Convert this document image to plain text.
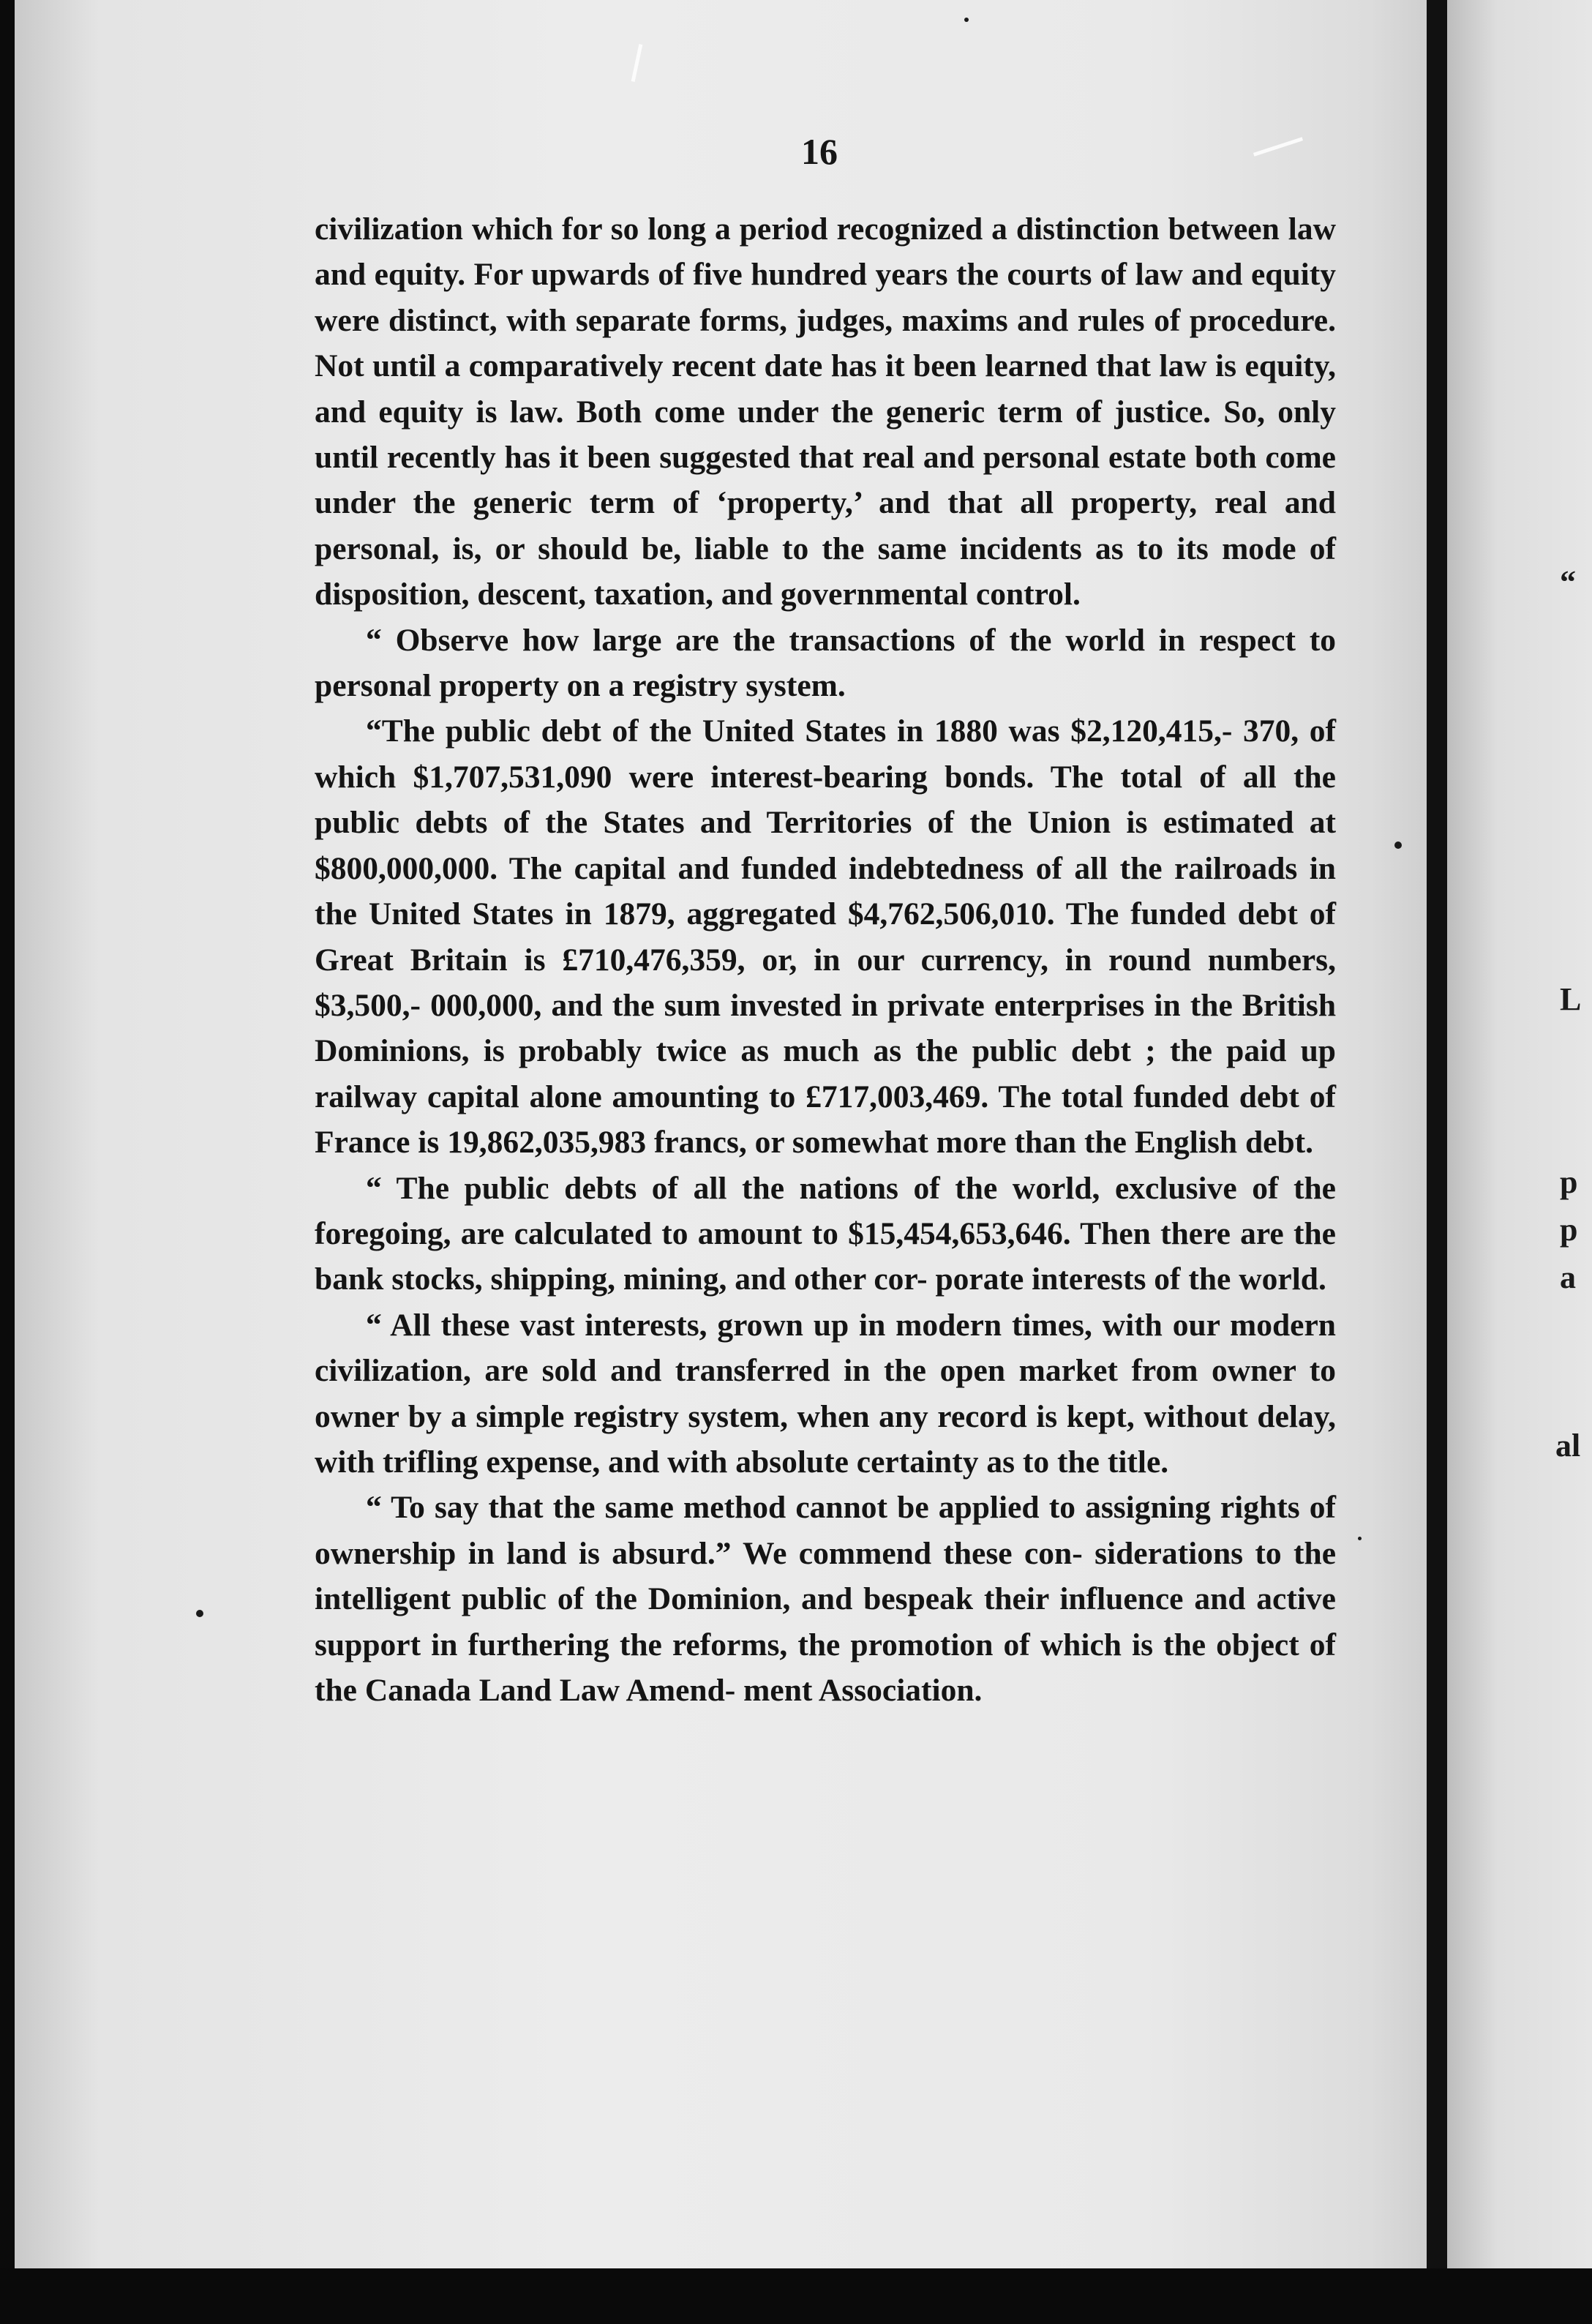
16

civilization which for so long a period recognized a distinction between law and equity. For upwards of five hundred years the courts of law and equity were distinct, with separate forms, judges, maxims and rules of procedure. Not until a comparatively recent date has it been learned that law is equity, and equity is law. Both come under the generic term of justice. So, only until recently has it been suggested that real and personal estate both come under the generic term of ‘property,’ and that all property, real and personal, is, or should be, liable to the same incidents as to its mode of disposition, descent, taxation, and governmental control.

“ Observe how large are the transactions of the world in respect to personal property on a registry system.

“The public debt of the United States in 1880 was $2,120,415,- 370, of which $1,707,531,090 were interest-bearing bonds. The total of all the public debts of the States and Territories of the Union is estimated at $800,000,000. The capital and funded indebtedness of all the railroads in the United States in 1879, aggregated $4,762,506,010. The funded debt of Great Britain is £710,476,359, or, in our currency, in round numbers, $3,500,- 000,000, and the sum invested in private enterprises in the British Dominions, is probably twice as much as the public debt ; the paid up railway capital alone amounting to £717,003,469. The total funded debt of France is 19,862,035,983 francs, or somewhat more than the English debt.

“ The public debts of all the nations of the world, exclusive of the foregoing, are calculated to amount to $15,454,653,646. Then there are the bank stocks, shipping, mining, and other cor- porate interests of the world.

“ All these vast interests, grown up in modern times, with our modern civilization, are sold and transferred in the open market from owner to owner by a simple registry system, when any record is kept, without delay, with trifling expense, and with absolute certainty as to the title.

“ To say that the same method cannot be applied to assigning rights of ownership in land is absurd.” We commend these con- siderations to the intelligent public of the Dominion, and bespeak their influence and active support in furthering the reforms, the promotion of which is the object of the Canada Land Law Amend- ment Association.

“
L
p
p
a
al
